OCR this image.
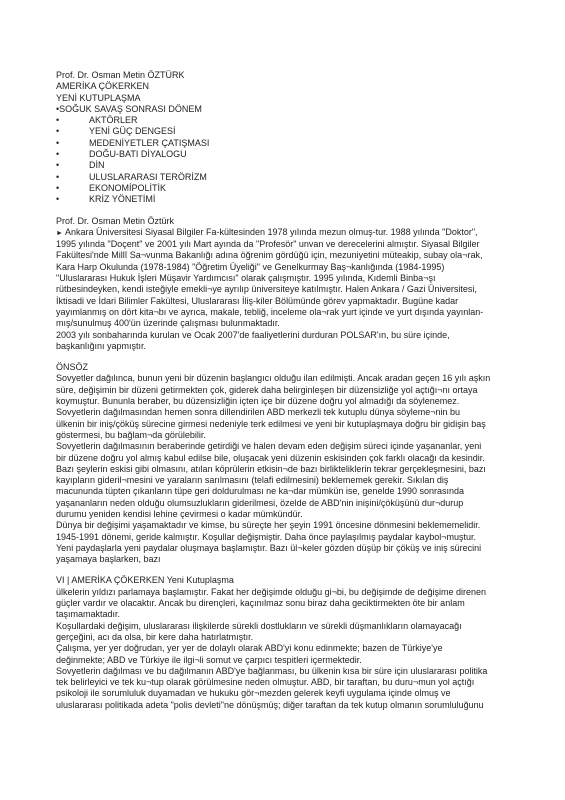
Prof. Dr. Osman Metin ÖZTÜRK
AMERİKA ÇÖKERKEN
YENİ KUTUPLAŞMA
•SOĞUK SAVAŞ SONRASI DÖNEM
•	AKTÖRLER
•	YENİ GÜÇ DENGESİ
•	MEDENİYETLER ÇATIŞMASI
•	DOĞU-BATI DİYALOGU
•	DİN
•	ULUSLARARASI TERÖRİZM
•	EKONOMİPOLİTİK
•	KRİZ YÖNETİMİ
Prof. Dr. Osman Metin Öztürk
► Ankara Üniversitesi Siyasal Bilgiler Fa-kültesinden 1978 yılında mezun olmuş-tur. 1988 yılında "Doktor",
1995 yılında "Doçent" ve 2001 yılı Mart ayında da "Profesör" unvan ve derecelerini almıştır. Siyasal Bilgiler
Fakültesi'nde Millî Sa¬vunma Bakanlığı adına öğrenim gördüğü için, mezuniyetini müteakip, subay ola¬rak,
Kara Harp Okulunda (1978-1984) "Öğretim Üyeliği" ve Genelkurmay Baş¬kanlığında (1984-1995)
"Uluslararası Hukuk İşleri Müşavir Yardımcısı" olarak çalışmıştır. 1995 yılında, Kıdemli Binba¬şı
rütbesindeyken, kendi isteğiyle emekli¬ye ayrılıp üniversiteye katılmıştır. Halen Ankara / Gazi Üniversitesi,
İktisadi ve İdari Bilimler Fakültesi, Uluslararası İliş-kiler Bölümünde görev yapmaktadır. Bugüne kadar
yayımlanmış on dört kita¬bı ve ayrıca, makale, tebliğ, inceleme ola¬rak yurt içinde ve yurt dışında yayınlan-
mış/sunulmuş 400'ün üzerinde çalışması bulunmaktadır.
2003 yılı sonbaharında kurulan ve Ocak 2007'de faaliyetlerini durduran POLSAR'ın, bu süre içinde,
başkanlığını yapmıştır.
ÖNSÖZ
Sovyetler dağılınca, bunun yeni bir düzenin başlangıcı olduğu ilan edilmişti. Ancak aradan geçen 16 yılı aşkın
süre, değişimin bir düzeni getirmekten çok, giderek daha belirginleşen bir düzensizliğe yol açtığı¬nı ortaya
koymuştur. Bununla beraber, bu düzensizliğin içten içe bir düzene doğru yol almadığı da söylenemez.
Sovyetlerin dağılmasından hemen sonra dillendirilen ABD merkezli tek kutuplu dünya söyleme¬nin bu
ülkenin bir iniş/çöküş sürecine girmesi nedeniyle terk edilmesi ve yeni bir kutuplaşmaya doğru bir gidişin baş
göstermesi, bu bağlam¬da görülebilir.
Sovyetlerin dağılmasının beraberinde getirdiği ve halen devam eden değişim süreci içinde yaşananlar, yeni
bir düzene doğru yol almış kabul edilse bile, oluşacak yeni düzenin eskisinden çok farklı olacağı da kesindir.
Bazı şeylerin eskisi gibi olmasını, atılan köprülerin etkisin¬de bazı birlikteliklerin tekrar gerçekleşmesini, bazı
kayıpların gideril¬mesini ve yaraların sarılmasını (telafi edilmesini) beklememek gerekir. Sıkılan diş
macununda tüpten çıkanların tüpe geri doldurulması ne ka¬dar mümkün ise, genelde 1990 sonrasında
yaşananların neden olduğu olumsuzlukların giderilmesi, özelde de ABD'nin inişini/çöküşünü dur¬durup
durumu yeniden kendisi lehine çevirmesi o kadar mümkündür.
Dünya bir değişimi yaşamaktadır ve kimse, bu süreçte her şeyin 1991 öncesine dönmesini beklememelidir.
1945-1991 dönemi, geride kalmıştır. Koşullar değişmiştir. Daha önce paylaşılmış paydalar kaybol¬muştur.
Yeni paydaşlarla yeni paydalar oluşmaya başlamıştır. Bazı ül¬keler gözden düşüp bir çöküş ve iniş sürecini
yaşamaya başlarken, bazı
VI | AMERİKA ÇÖKERKEN Yeni Kutuplaşma
ülkelerin yıldızı parlamaya başlamıştır. Fakat her değişimde olduğu gi¬bi, bu değişimde de değişime direnen
güçler vardır ve olacaktır. Ancak bu dirençleri, kaçınılmaz sonu biraz daha geciktirmekten öte bir anlam
taşımamaktadır.
Koşullardaki değişim, uluslararası ilişkilerde sürekli dostlukların ve sürekli düşmanlıkların olamayacağı
gerçeğini, acı da olsa, bir kere daha hatırlatmıştır.
Çalışma, yer yer doğrudan, yer yer de dolaylı olarak ABD'yi konu edinmekte; bazen de Türkiye'ye
değinmekte; ABD ve Türkiye ile ilgi¬li somut ve çarpıcı tespitleri içermektedir.
Sovyetlerin dağılması ve bu dağılmanın ABD'ye bağlanması, bu ülkenin kısa bir süre için uluslararası politika
tek belirleyici ve tek ku¬tup olarak görülmesine neden olmuştur. ABD, bir taraftan, bu duru¬mun yol açtığı
psikoloji ile sorumluluk duyamadan ve hukuku gör¬mezden gelerek keyfi uygulama içinde olmuş ve
uluslararası politikada adeta "polis devleti"ne dönüşmüş; diğer taraftan da tek kutup olmanın sorumluluğunu
